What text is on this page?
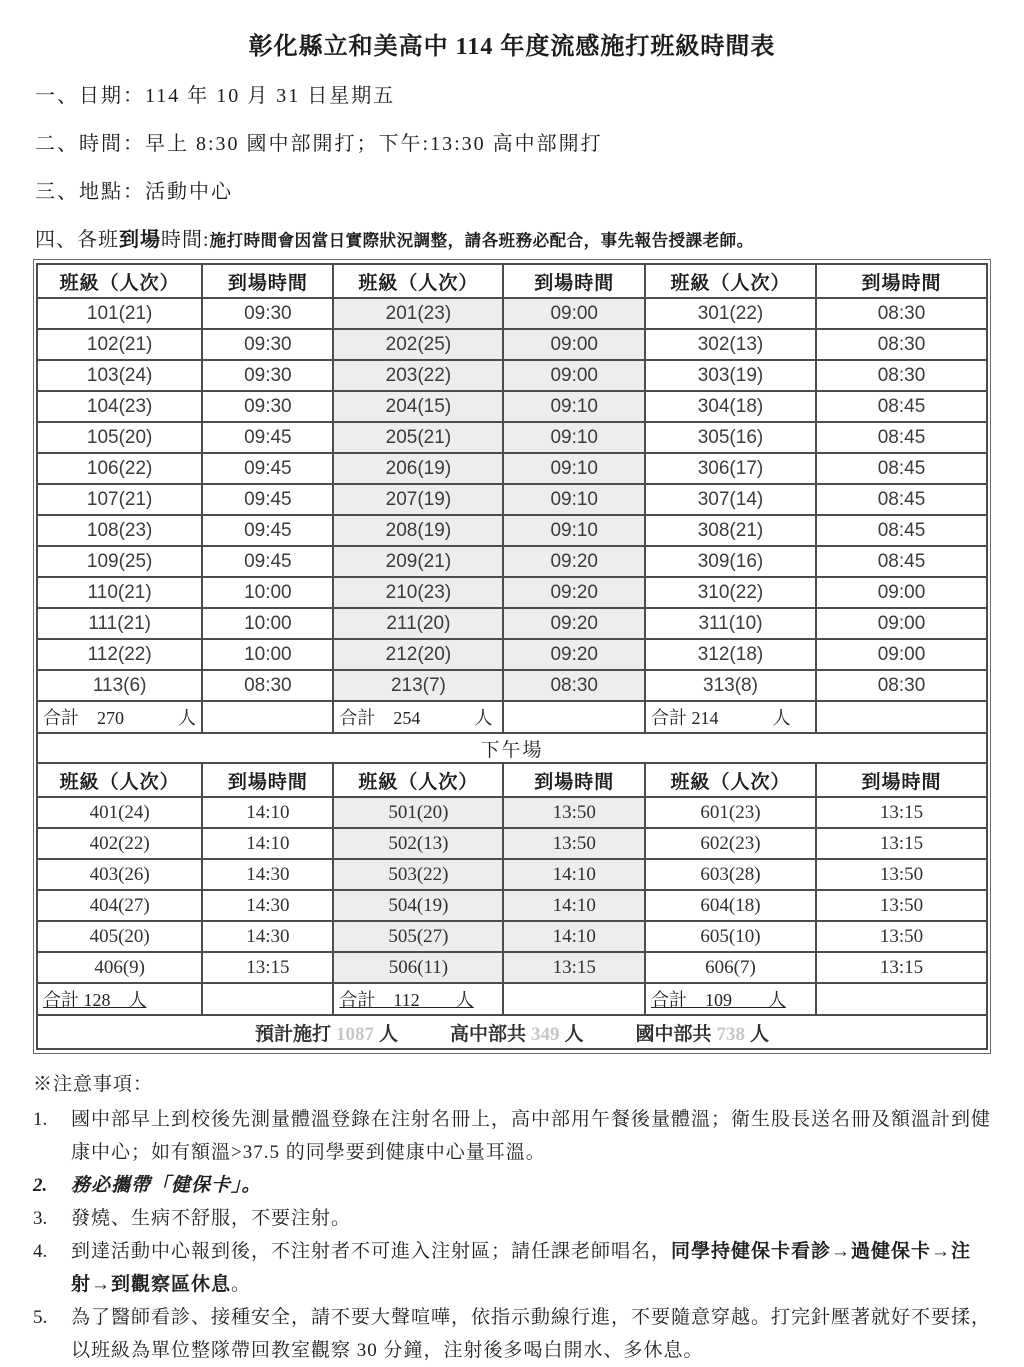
彰化縣立和美高中 114 年度流感施打班級時間表
一、日期：114 年 10 月 31 日星期五
二、時間：早上 8:30 國中部開打；下午:13:30 高中部開打
三、地點：活動中心
四、各班到場時間:施打時間會因當日實際狀況調整，請各班務必配合，事先報告授課老師。
班級（人次）	到場時間	班級（人次）	到場時間	班級（人次）	到場時間
101(21)	09:30	201(23)	09:00	301(22)	08:30
102(21)	09:30	202(25)	09:00	302(13)	08:30
103(24)	09:30	203(22)	09:00	303(19)	08:30
104(23)	09:30	204(15)	09:10	304(18)	08:45
105(20)	09:45	205(21)	09:10	305(16)	08:45
106(22)	09:45	206(19)	09:10	306(17)	08:45
107(21)	09:45	207(19)	09:10	307(14)	08:45
108(23)	09:45	208(19)	09:10	308(21)	08:45
109(25)	09:45	209(21)	09:20	309(16)	08:45
110(21)	10:00	210(23)	09:20	310(22)	09:00
111(21)	10:00	211(20)	09:20	311(10)	09:00
112(22)	10:00	212(20)	09:20	312(18)	09:00
113(6)	08:30	213(7)	08:30	313(8)	08:30
合計　270　　　人		合計　254　　　人		合計 214　　　人	
下午場					
班級（人次）	到場時間	班級（人次）	到場時間	班級（人次）	到場時間
401(24)	14:10	501(20)	13:50	601(23)	13:15
402(22)	14:10	502(13)	13:50	602(23)	13:15
403(26)	14:30	503(22)	14:10	603(28)	13:50
404(27)	14:30	504(19)	14:10	604(18)	13:50
405(20)	14:30	505(27)	14:10	605(10)	13:50
406(9)	13:15	506(11)	13:15	606(7)	13:15
合計 128　人		合計　112　　人		合計　109　　人	
預計施打 1087 人 高中部共 349 人 國中部共 738 人					
※注意事項：
1.	國中部早上到校後先測量體溫登錄在注射名冊上，高中部用午餐後量體溫；衛生股長送名冊及額溫計到健康中心；如有額溫>37.5 的同學要到健康中心量耳溫。
2.	務必攜帶「健保卡」。
3.	發燒、生病不舒服，不要注射。
4.	到達活動中心報到後，不注射者不可進入注射區；請任課老師唱名，同學持健保卡看診→過健保卡→注射→到觀察區休息。
5.	為了醫師看診、接種安全，請不要大聲喧嘩，依指示動線行進，不要隨意穿越。打完針壓著就好不要揉，以班級為單位整隊帶回教室觀察 30 分鐘，注射後多喝白開水、多休息。
